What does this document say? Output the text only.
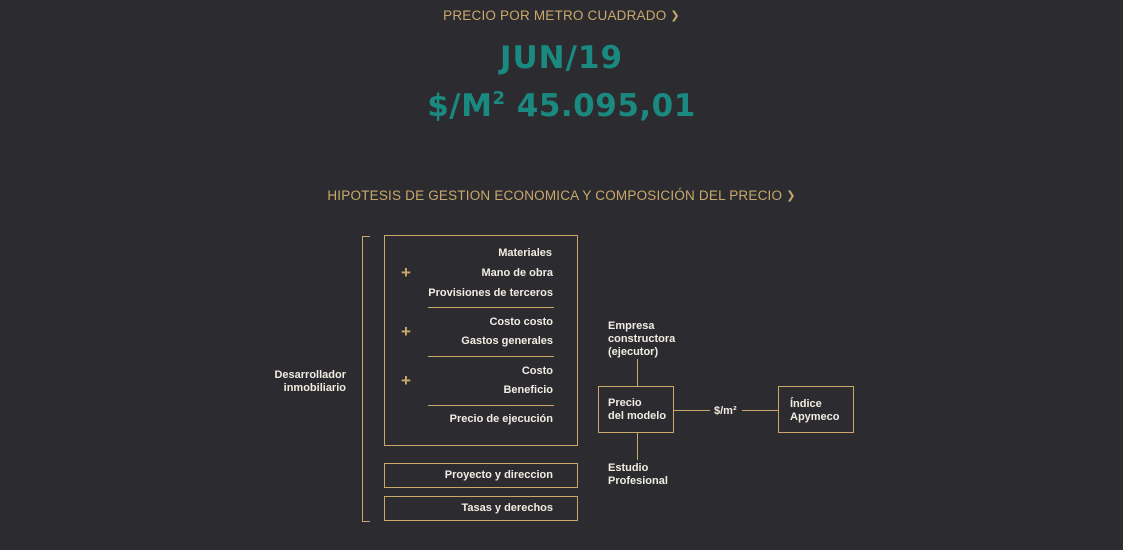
PRECIO POR METRO CUADRADO ❯
JUN/19
$\$/M^2$ 45.095,01
HIPOTESIS DE GESTION ECONOMICA Y COMPOSICIÓN DEL PRECIO ❯
Desarrollador
inmobiliario
+
+
+
Materiales
Mano de obra
Provisiones de terceros
Costo costo
Gastos generales
Costo
Beneficio
Precio de ejecución
Proyecto y direccion
Tasas y derechos
Empresa
constructora
(ejecutor)
Precio
del modelo
Estudio
Profesional
$/m²
Índice
Apymeco
